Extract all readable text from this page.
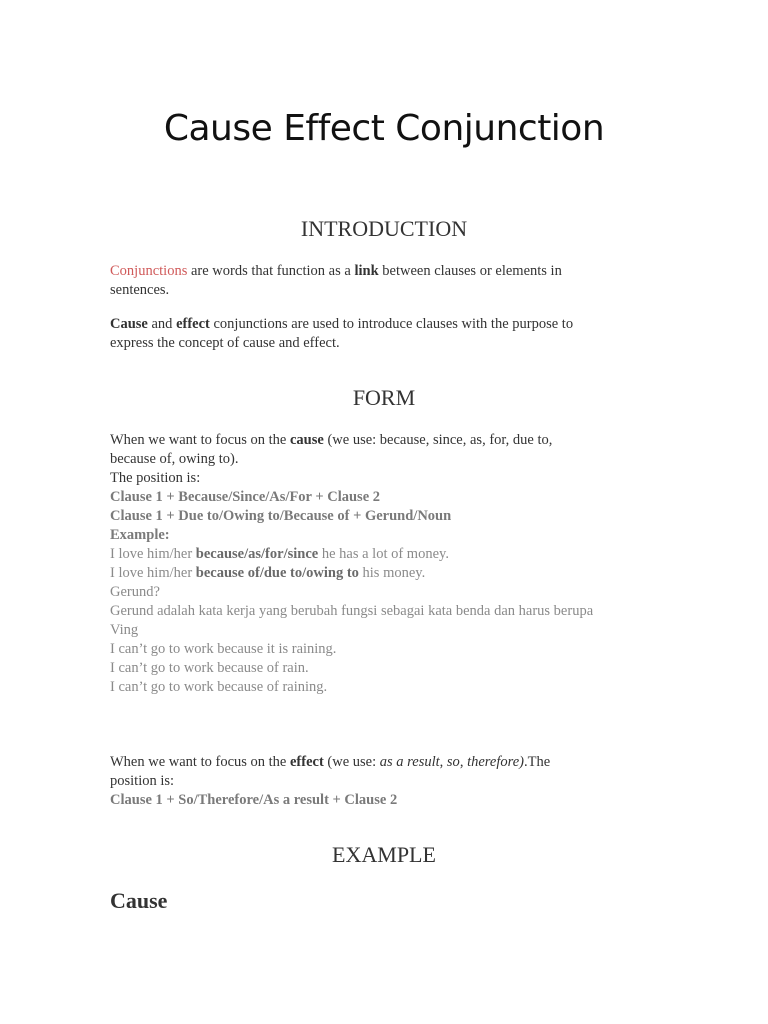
Cause Effect Conjunction
INTRODUCTION

Conjunctions are words that function as a link between clauses or elements in
sentences.

Cause and effect conjunctions are used to introduce clauses with the purpose to
express the concept of cause and effect.

FORM

When we want to focus on the cause (we use: because, since, as, for, due to,
because of, owing to).
The position is:
Clause 1 + Because/Since/As/For + Clause 2
Clause 1 + Due to/Owing to/Because of + Gerund/Noun
Example:
I love him/her because/as/for/since he has a lot of money.
I love him/her because of/due to/owing to his money.
Gerund?
Gerund adalah kata kerja yang berubah fungsi sebagai kata benda dan harus berupa
Ving
I can’t go to work because it is raining.
I can’t go to work because of rain.
I can’t go to work because of raining.

When we want to focus on the effect (we use: as a result, so, therefore).The
position is:
Clause 1 + So/Therefore/As a result + Clause 2

EXAMPLE
Cause
